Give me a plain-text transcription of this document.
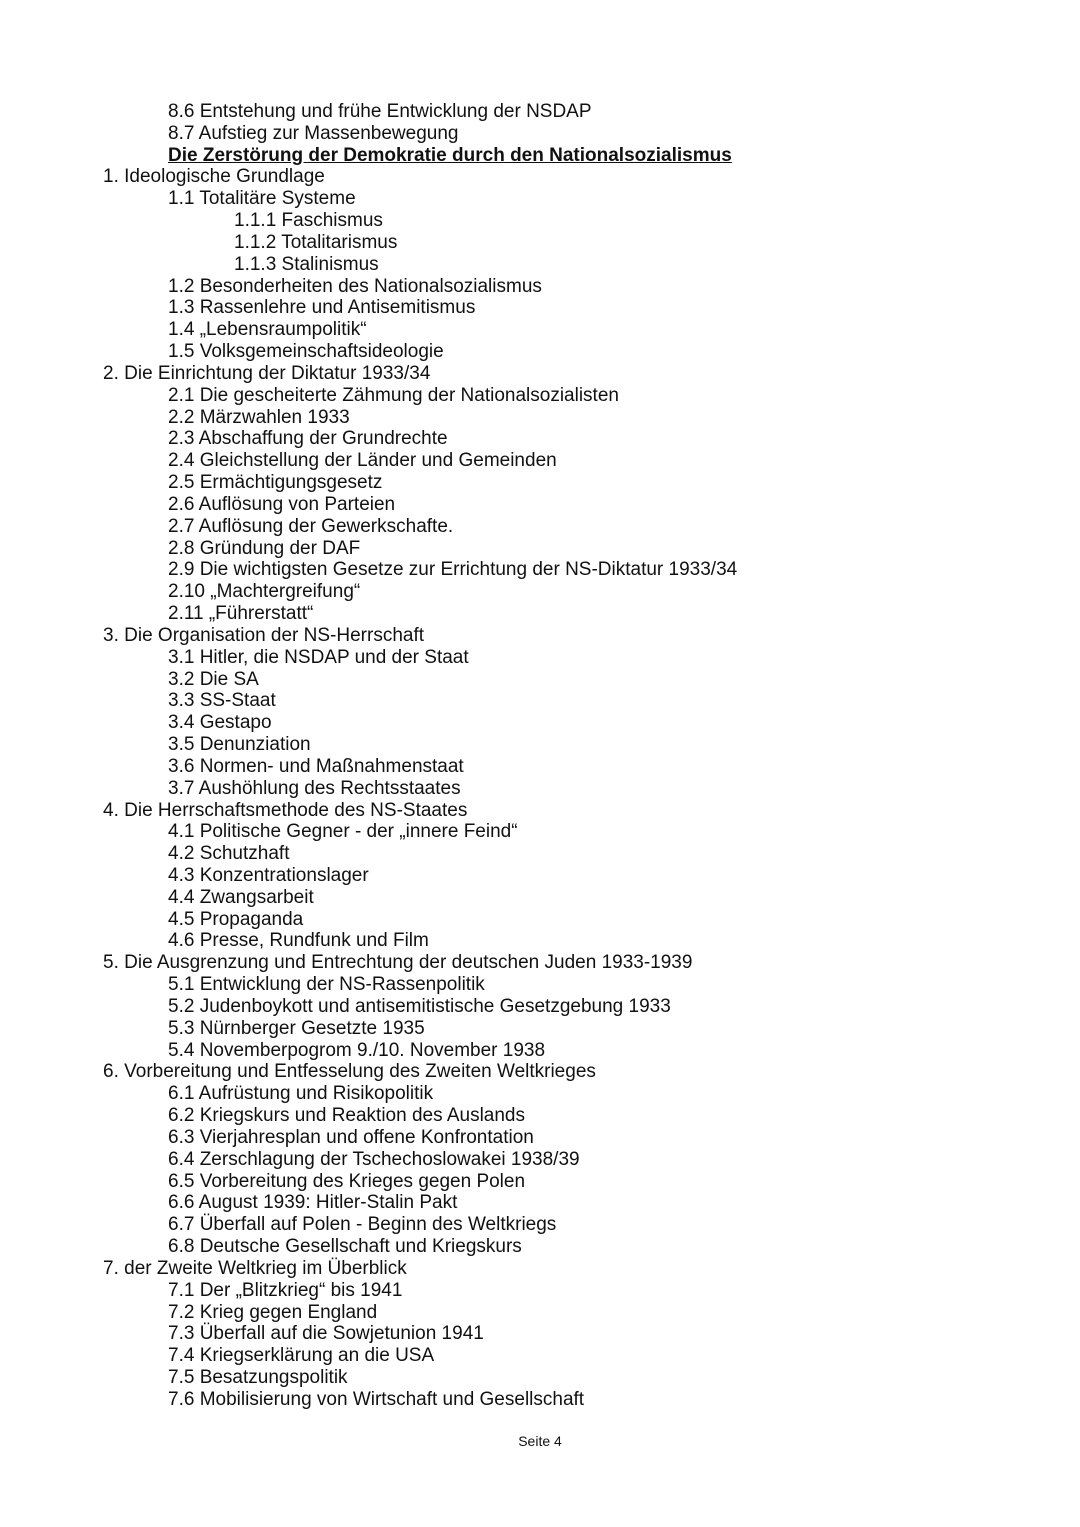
8.6 Entstehung und frühe Entwicklung der NSDAP
8.7 Aufstieg zur Massenbewegung
Die Zerstörung der Demokratie durch den Nationalsozialismus
1. Ideologische Grundlage
1.1 Totalitäre Systeme
1.1.1 Faschismus
1.1.2 Totalitarismus
1.1.3 Stalinismus
1.2 Besonderheiten des Nationalsozialismus
1.3 Rassenlehre und Antisemitismus
1.4 „Lebensraumpolitik“
1.5 Volksgemeinschaftsideologie
2. Die Einrichtung der Diktatur 1933/34
2.1 Die gescheiterte Zähmung der Nationalsozialisten
2.2 Märzwahlen 1933
2.3 Abschaffung der Grundrechte
2.4 Gleichstellung der Länder und Gemeinden
2.5 Ermächtigungsgesetz
2.6 Auflösung von Parteien
2.7 Auflösung der Gewerkschafte.
2.8 Gründung der DAF
2.9 Die wichtigsten Gesetze zur Errichtung der NS-Diktatur 1933/34
2.10 „Machtergreifung“
2.11 „Führerstatt“
3. Die Organisation der NS-Herrschaft
3.1 Hitler, die NSDAP und der Staat
3.2 Die SA
3.3 SS-Staat
3.4 Gestapo
3.5 Denunziation
3.6 Normen- und Maßnahmenstaat
3.7 Aushöhlung des Rechtsstaates
4. Die Herrschaftsmethode des NS-Staates
4.1 Politische Gegner - der „innere Feind“
4.2 Schutzhaft
4.3 Konzentrationslager
4.4 Zwangsarbeit
4.5 Propaganda
4.6 Presse, Rundfunk und Film
5. Die Ausgrenzung und Entrechtung der deutschen Juden 1933-1939
5.1 Entwicklung der NS-Rassenpolitik
5.2 Judenboykott und antisemitistische Gesetzgebung 1933
5.3 Nürnberger Gesetzte 1935
5.4 Novemberpogrom 9./10. November 1938
6. Vorbereitung und Entfesselung des Zweiten Weltkrieges
6.1 Aufrüstung und Risikopolitik
6.2 Kriegskurs und Reaktion des Auslands
6.3 Vierjahresplan und offene Konfrontation
6.4 Zerschlagung der Tschechoslowakei 1938/39
6.5 Vorbereitung des Krieges gegen Polen
6.6 August 1939: Hitler-Stalin Pakt
6.7 Überfall auf Polen - Beginn des Weltkriegs
6.8 Deutsche Gesellschaft und Kriegskurs
7. der Zweite Weltkrieg im Überblick
7.1 Der „Blitzkrieg“ bis 1941
7.2 Krieg gegen England
7.3 Überfall auf die Sowjetunion 1941
7.4 Kriegserklärung an die USA
7.5 Besatzungspolitik
7.6 Mobilisierung von Wirtschaft und Gesellschaft
Seite 4
